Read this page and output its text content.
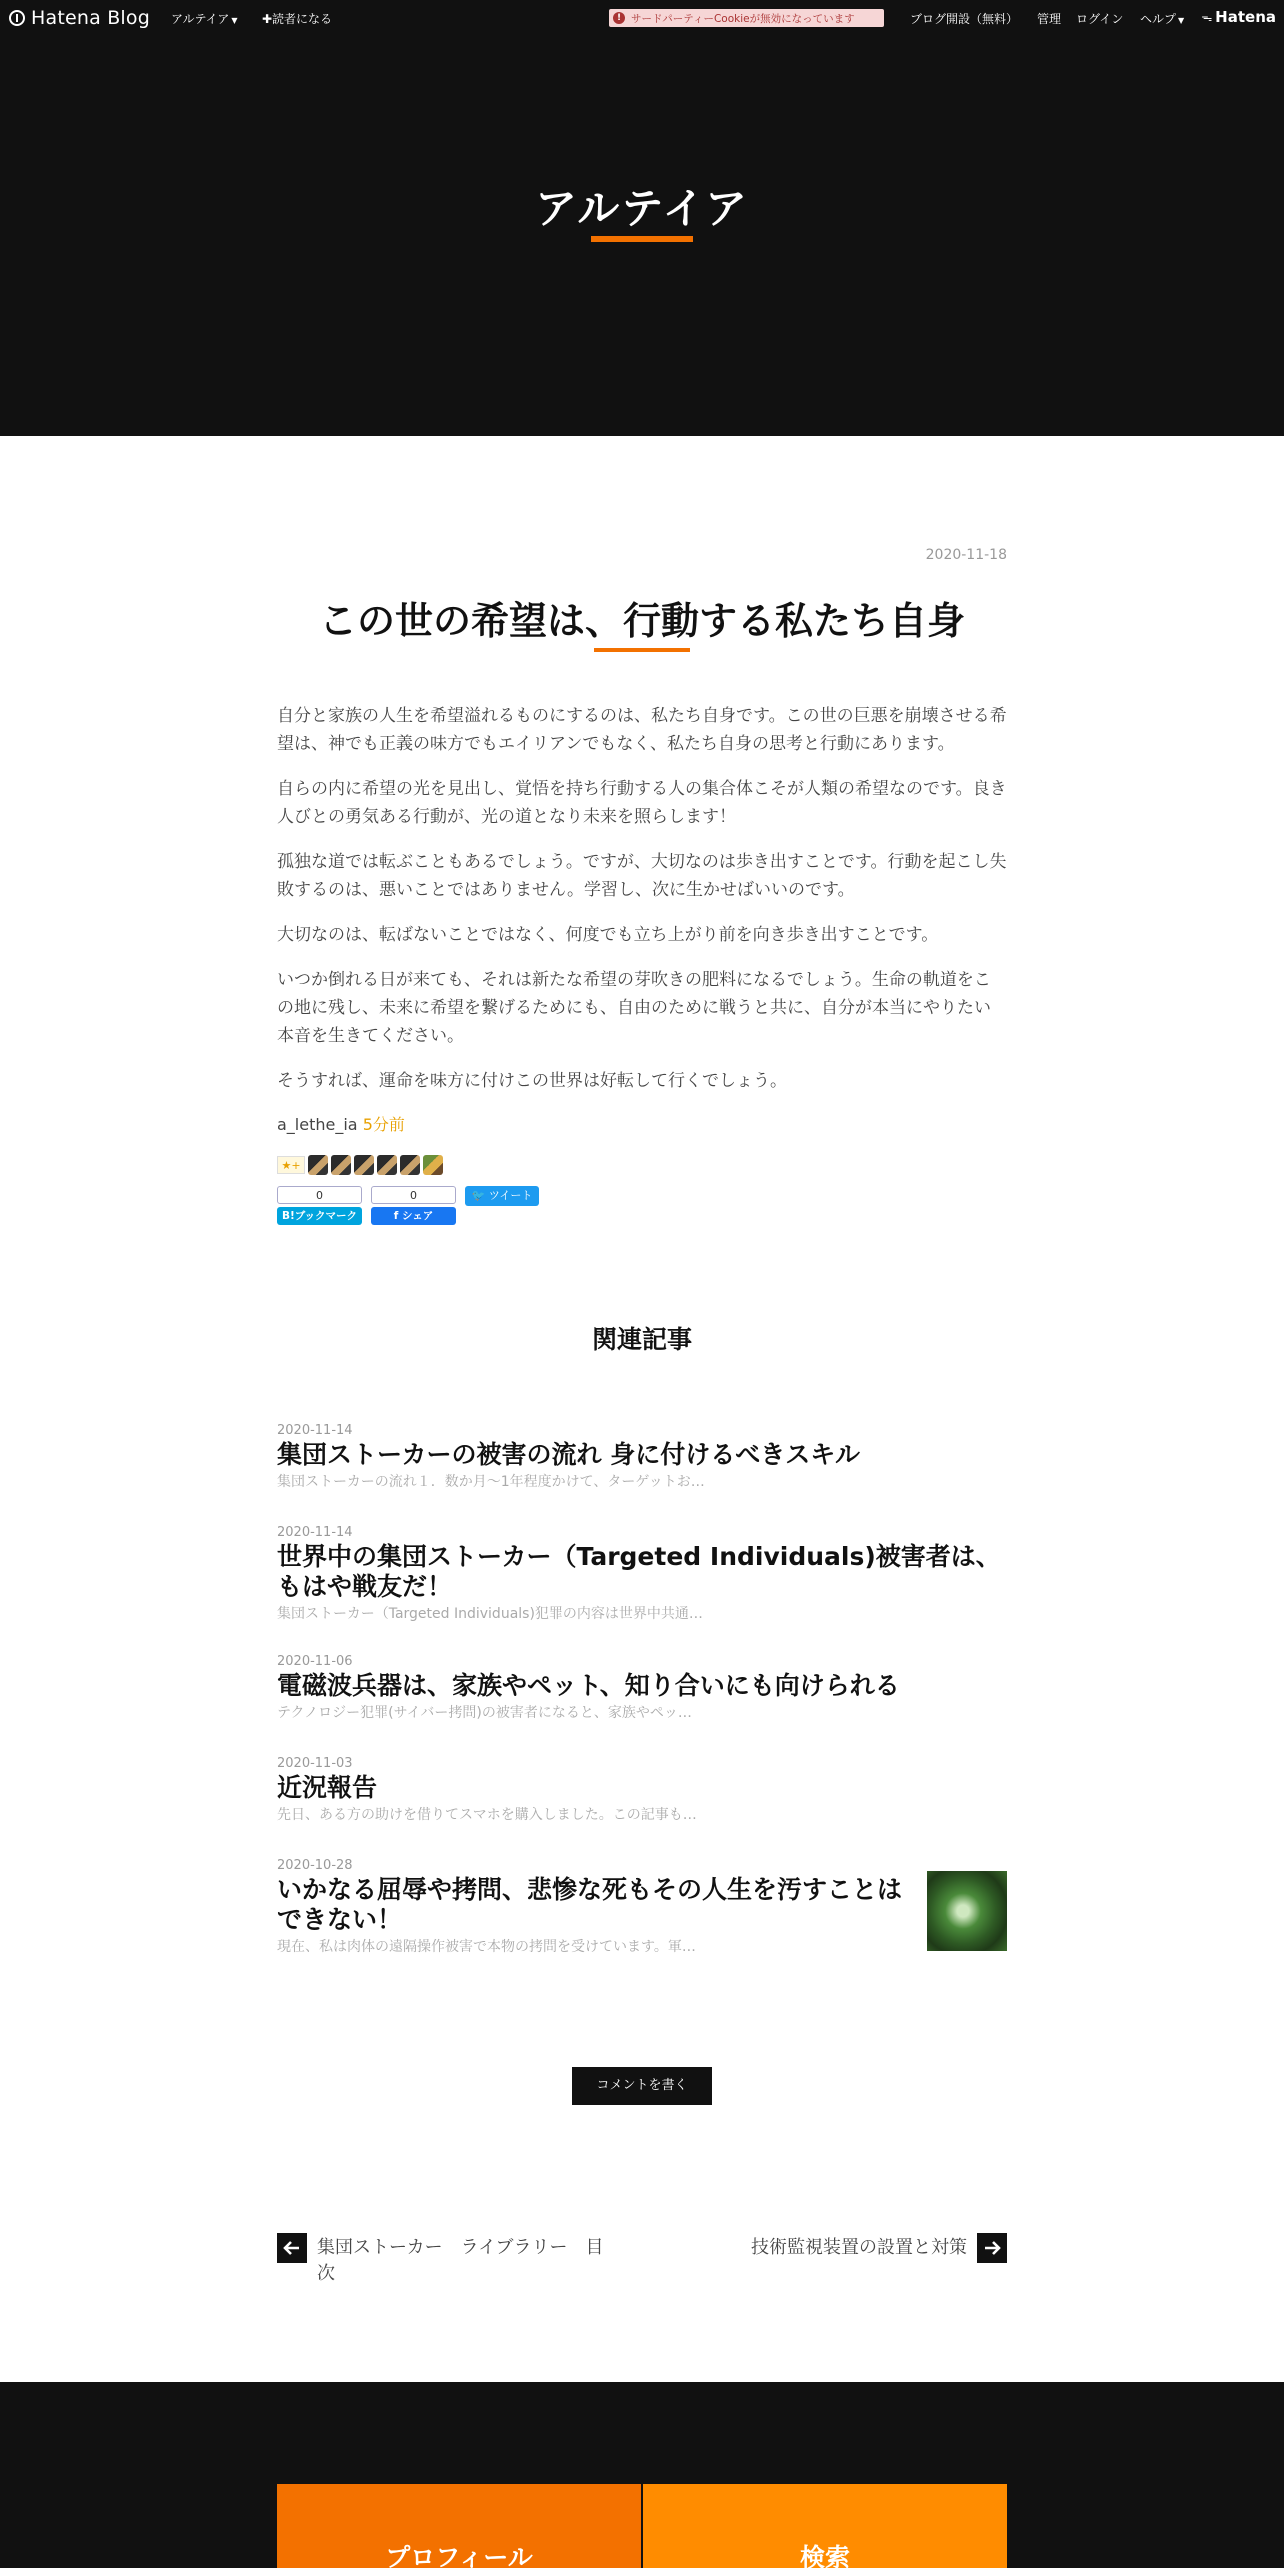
Hatena Blog アルテイア ▼ ✚読者になる	! サードパーティーCookieが無効になっています	ブログ開設（無料） 管理 ログイン ヘルプ ▼ ᯓ Hatena
アルテイア
2020-11-18
この世の希望は、行動する私たち自身

自分と家族の人生を希望溢れるものにするのは、私たち自身です。この世の巨悪を崩壊させる希望は、神でも正義の味方でもエイリアンでもなく、私たち自身の思考と行動にあります。

自らの内に希望の光を見出し、覚悟を持ち行動する人の集合体こそが人類の希望なのです。良き人びとの勇気ある行動が、光の道となり未来を照らします！

孤独な道では転ぶこともあるでしょう。ですが、大切なのは歩き出すことです。行動を起こし失敗するのは、悪いことではありません。学習し、次に生かせばいいのです。

大切なのは、転ばないことではなく、何度でも立ち上がり前を向き歩き出すことです。

いつか倒れる日が来ても、それは新たな希望の芽吹きの肥料になるでしょう。生命の軌道をこの地に残し、未来に希望を繋げるためにも、自由のために戦うと共に、自分が本当にやりたい本音を生きてください。

そうすれば、運命を味方に付けこの世界は好転して行くでしょう。

a_lethe_ia 5分前
★+
0
B!ブックマーク
0
f シェア
🐦 ツイート
関連記事
2020-11-14
集団ストーカーの被害の流れ 身に付けるべきスキル
集団ストーカーの流れ１．数か月～1年程度かけて、ターゲットお…
2020-11-14
世界中の集団ストーカー（Targeted Individuals)被害者は、もはや戦友だ！
集団ストーカー（Targeted Individuals)犯罪の内容は世界中共通…
2020-11-06
電磁波兵器は、家族やペット、知り合いにも向けられる
テクノロジー犯罪(サイバー拷問)の被害者になると、家族やペッ…
2020-11-03
近況報告
先日、ある方の助けを借りてスマホを購入しました。この記事も…
2020-10-28
いかなる屈辱や拷問、悲惨な死もその人生を汚すことはできない！
現在、私は肉体の遠隔操作被害で本物の拷問を受けています。軍…
コメントを書く
集団ストーカー　ライブラリー　目次
技術監視装置の設置と対策
プロフィール	検索
